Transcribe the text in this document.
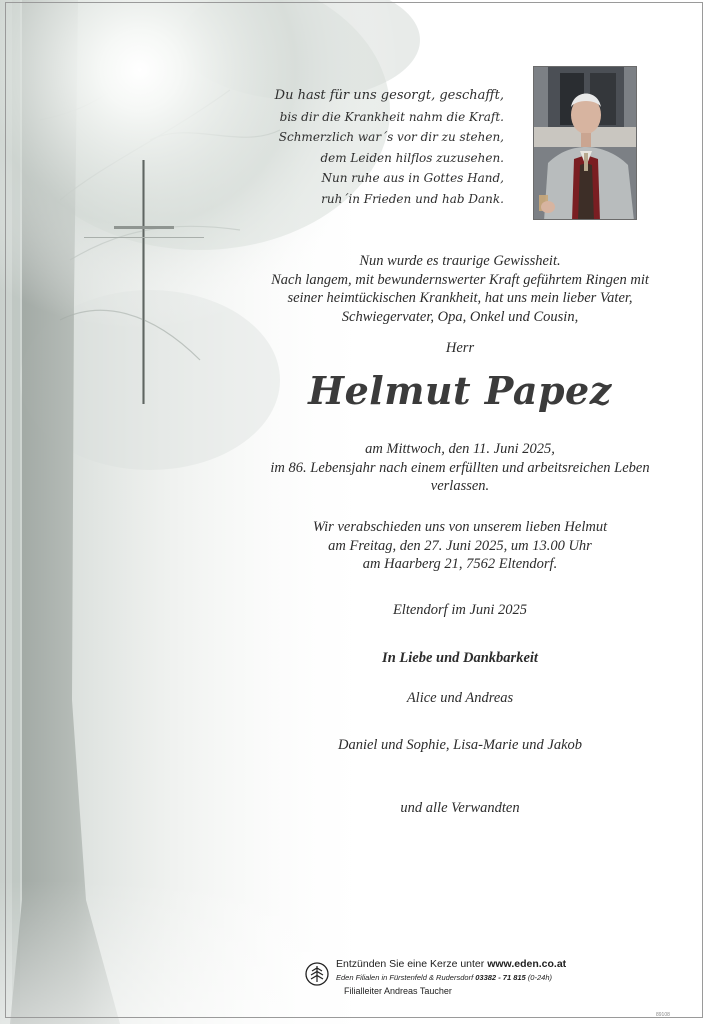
Du hast für uns gesorgt, geschafft,
bis dir die Krankheit nahm die Kraft.
Schmerzlich war´s vor dir zu stehen,
dem Leiden hilflos zuzusehen.
Nun ruhe aus in Gottes Hand,
ruh´in Frieden und hab Dank.
Nun wurde es traurige Gewissheit.
Nach langem, mit bewundernswerter Kraft geführtem Ringen mit
seiner heimtückischen Krankheit, hat uns mein lieber Vater,
Schwiegervater, Opa, Onkel und Cousin,
Herr
Helmut Papez
am Mittwoch, den 11. Juni 2025,
im 86. Lebensjahr nach einem erfüllten und arbeitsreichen Leben
verlassen.
Wir verabschieden uns von unserem lieben Helmut
am Freitag, den 27. Juni 2025, um 13.00 Uhr
am Haarberg 21, 7562 Eltendorf.
Eltendorf im Juni 2025
In Liebe und Dankbarkeit
Alice und Andreas
Daniel und Sophie, Lisa-Marie und Jakob
und alle Verwandten
Entzünden Sie eine Kerze unter www.eden.co.at
Eden Filialen in Fürstenfeld & Rudersdorf 03382 - 71 815 (0-24h)
Filialleiter Andreas Taucher
89108
